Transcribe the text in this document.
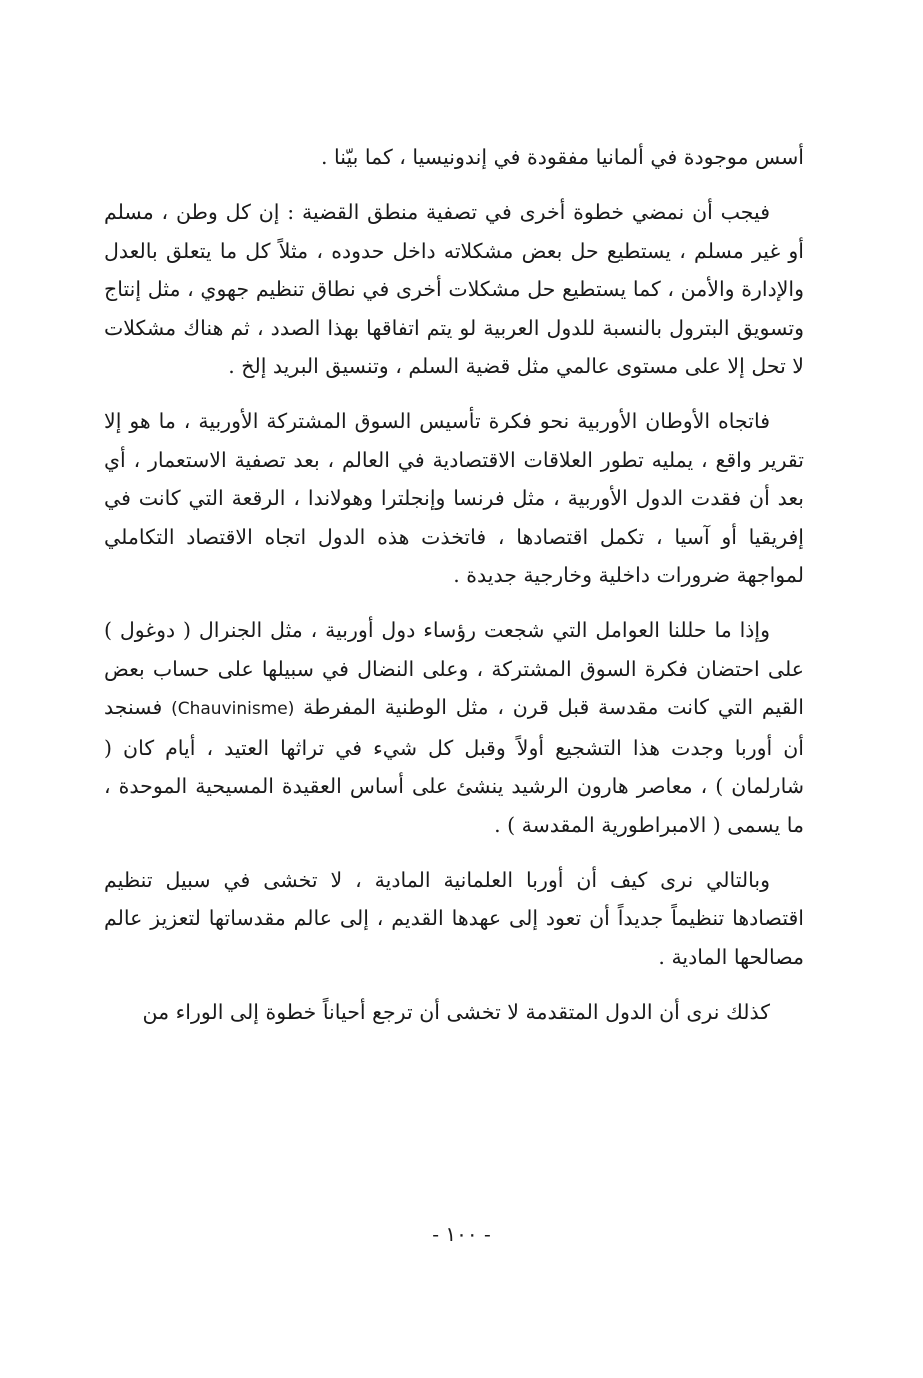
أسس موجودة في ألمانيا مفقودة في إندونيسيا ، كما بيّنا .

فيجب أن نمضي خطوة أخرى في تصفية منطق القضية : إن كل وطن ، مسلم أو غير مسلم ، يستطيع حل بعض مشكلاته داخل حدوده ، مثلاً كل ما يتعلق بالعدل والإدارة والأمن ، كما يستطيع حل مشكلات أخرى في نطاق تنظيم جهوي ، مثل إنتاج وتسويق البترول بالنسبة للدول العربية لو يتم اتفاقها بهذا الصدد ، ثم هناك مشكلات لا تحل إلا على مستوى عالمي مثل قضية السلم ، وتنسيق البريد إلخ .

فاتجاه الأوطان الأوربية نحو فكرة تأسيس السوق المشتركة الأوربية ، ما هو إلا تقرير واقع ، يمليه تطور العلاقات الاقتصادية في العالم ، بعد تصفية الاستعمار ، أي بعد أن فقدت الدول الأوربية ، مثل فرنسا وإنجلترا وهولاندا ، الرقعة التي كانت في إفريقيا أو آسيا ، تكمل اقتصادها ، فاتخذت هذه الدول اتجاه الاقتصاد التكاملي لمواجهة ضرورات داخلية وخارجية جديدة .

وإذا ما حللنا العوامل التي شجعت رؤساء دول أوربية ، مثل الجنرال ( دوغول ) على احتضان فكرة السوق المشتركة ، وعلى النضال في سبيلها على حساب بعض القيم التي كانت مقدسة قبل قرن ، مثل الوطنية المفرطة (Chauvinisme) فسنجد أن أوربا وجدت هذا التشجيع أولاً وقبل كل شيء في تراثها العتيد ، أيام كان ( شارلمان ) ، معاصر هارون الرشيد ينشئ على أساس العقيدة المسيحية الموحدة ، ما يسمى ( الامبراطورية المقدسة ) .

وبالتالي نرى كيف أن أوربا العلمانية المادية ، لا تخشى في سبيل تنظيم اقتصادها تنظيماً جديداً أن تعود إلى عهدها القديم ، إلى عالم مقدساتها لتعزيز عالم مصالحها المادية .

كذلك نرى أن الدول المتقدمة لا تخشى أن ترجع أحياناً خطوة إلى الوراء من

- ١٠٠ -
